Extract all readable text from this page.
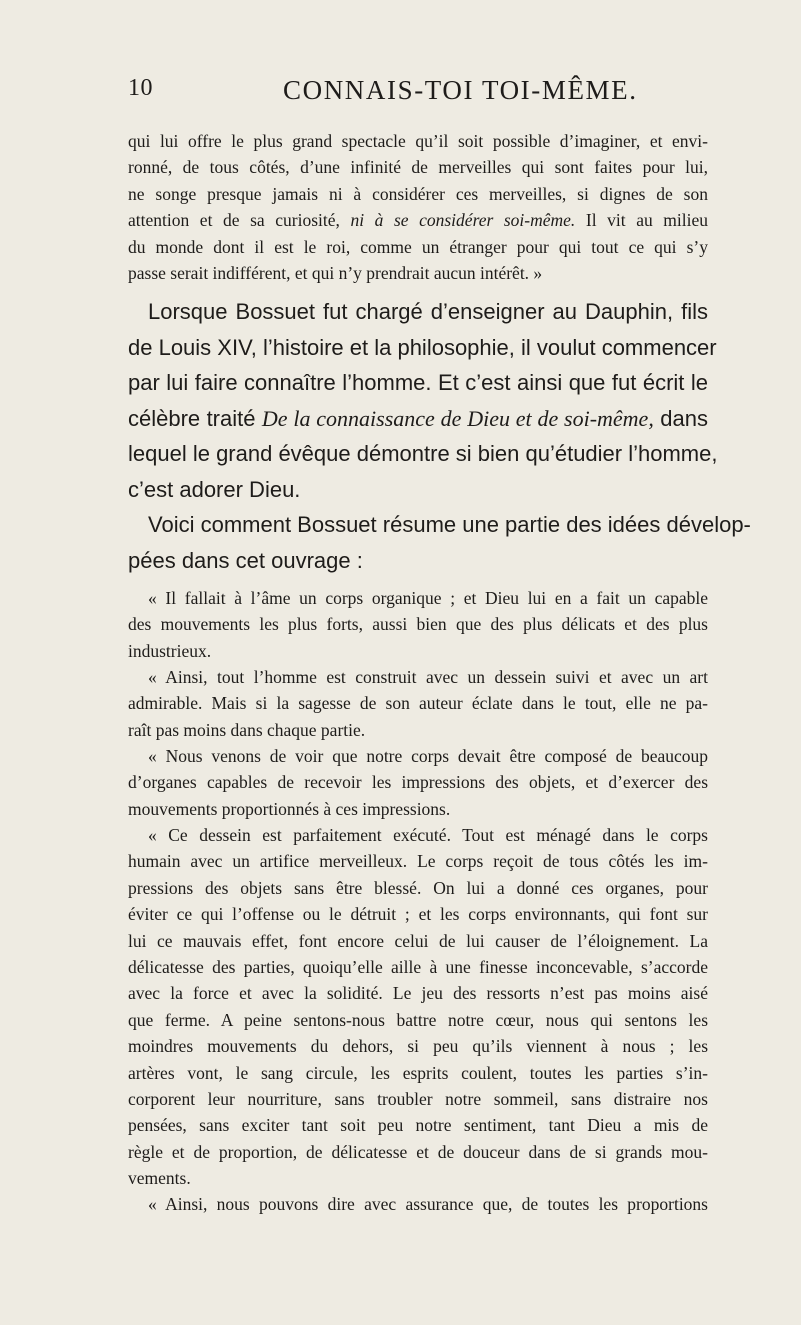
10	CONNAIS-TOI TOI-MÊME.
qui lui offre le plus grand spectacle qu’il soit possible d’imaginer, et envi-
ronné, de tous côtés, d’une infinité de merveilles qui sont faites pour lui,
ne songe presque jamais ni à considérer ces merveilles, si dignes de son
attention et de sa curiosité, ni à se considérer soi-même. Il vit au milieu
du monde dont il est le roi, comme un étranger pour qui tout ce qui s’y
passe serait indifférent, et qui n’y prendrait aucun intérêt. »
Lorsque Bossuet fut chargé d’enseigner au Dauphin, fils
de Louis XIV, l’histoire et la philosophie, il voulut commencer
par lui faire connaître l’homme. Et c’est ainsi que fut écrit le
célèbre traité De la connaissance de Dieu et de soi-même, dans
lequel le grand évêque démontre si bien qu’étudier l’homme,
c’est adorer Dieu.
Voici comment Bossuet résume une partie des idées dévelop-
pées dans cet ouvrage :
« Il fallait à l’âme un corps organique ; et Dieu lui en a fait un capable
des mouvements les plus forts, aussi bien que des plus délicats et des plus
industrieux.
« Ainsi, tout l’homme est construit avec un dessein suivi et avec un art
admirable. Mais si la sagesse de son auteur éclate dans le tout, elle ne pa-
raît pas moins dans chaque partie.
« Nous venons de voir que notre corps devait être composé de beaucoup
d’organes capables de recevoir les impressions des objets, et d’exercer des
mouvements proportionnés à ces impressions.
« Ce dessein est parfaitement exécuté. Tout est ménagé dans le corps
humain avec un artifice merveilleux. Le corps reçoit de tous côtés les im-
pressions des objets sans être blessé. On lui a donné ces organes, pour
éviter ce qui l’offense ou le détruit ; et les corps environnants, qui font sur
lui ce mauvais effet, font encore celui de lui causer de l’éloignement. La
délicatesse des parties, quoiqu’elle aille à une finesse inconcevable, s’accorde
avec la force et avec la solidité. Le jeu des ressorts n’est pas moins aisé
que ferme. A peine sentons-nous battre notre cœur, nous qui sentons les
moindres mouvements du dehors, si peu qu’ils viennent à nous ; les
artères vont, le sang circule, les esprits coulent, toutes les parties s’in-
corporent leur nourriture, sans troubler notre sommeil, sans distraire nos
pensées, sans exciter tant soit peu notre sentiment, tant Dieu a mis de
règle et de proportion, de délicatesse et de douceur dans de si grands mou-
vements.
« Ainsi, nous pouvons dire avec assurance que, de toutes les proportions
